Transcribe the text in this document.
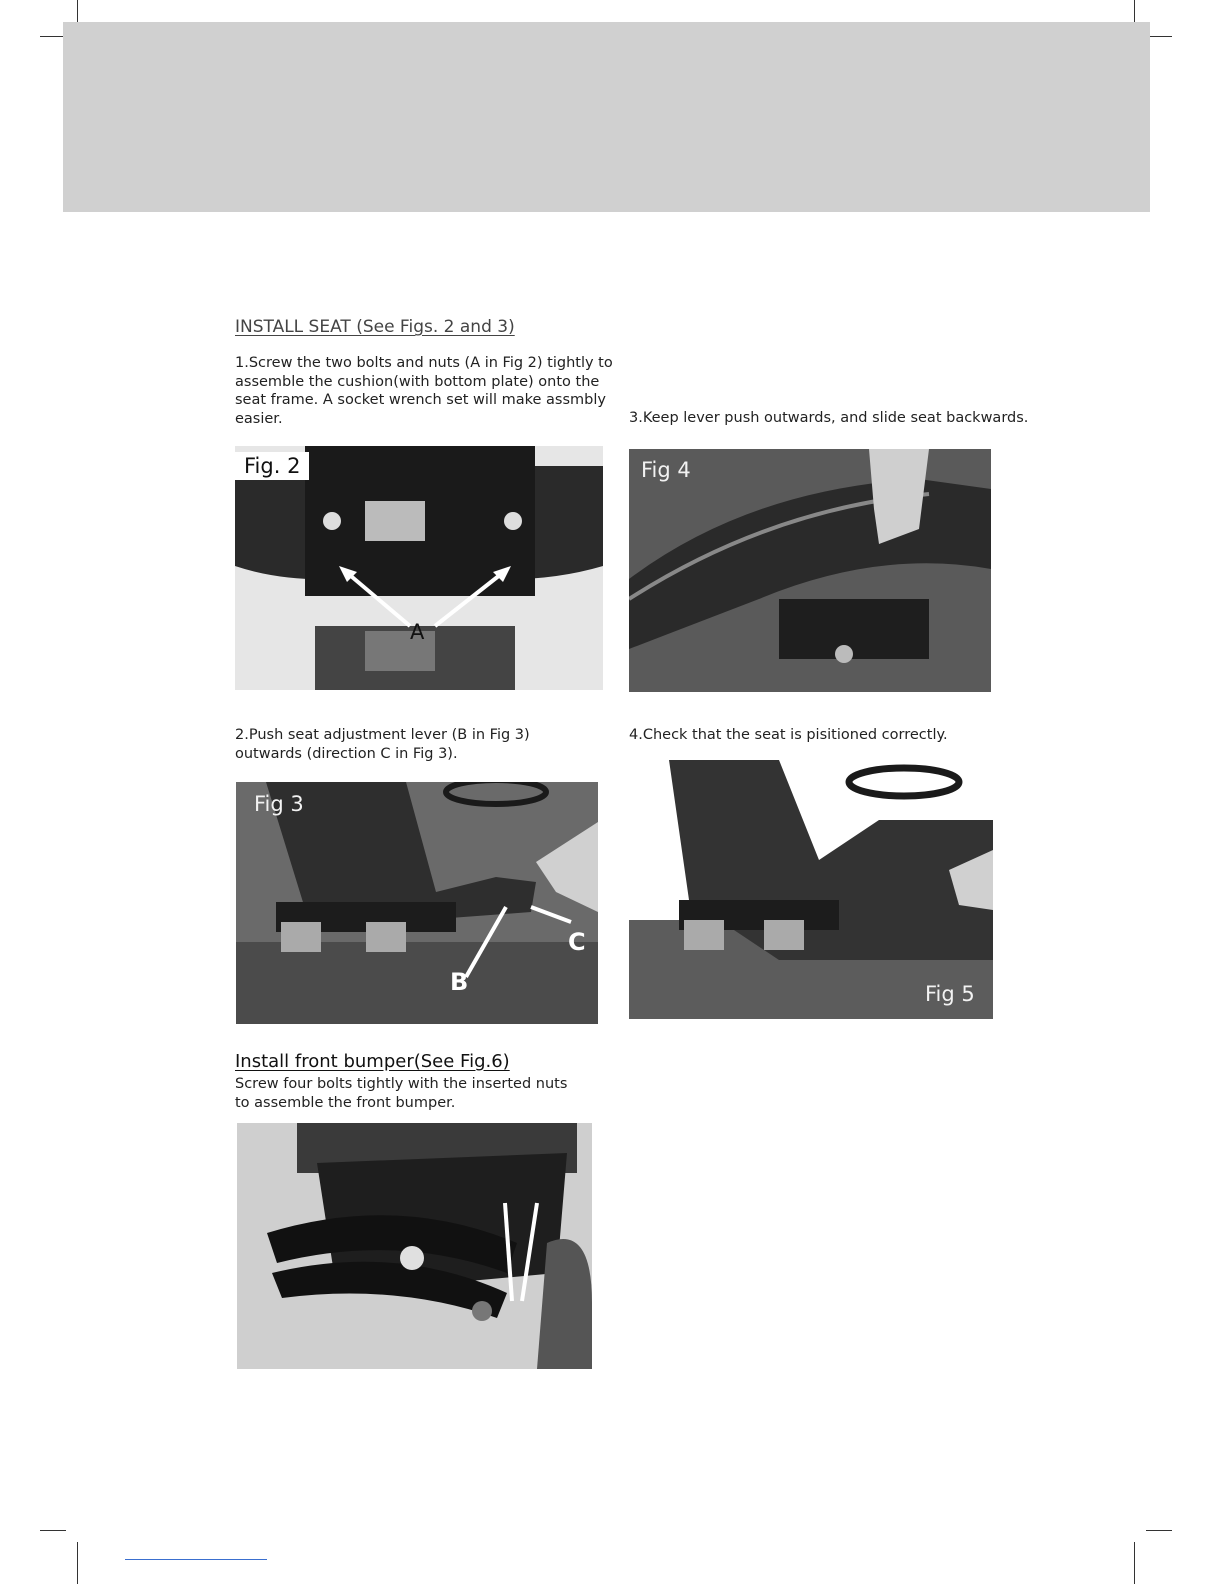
INSTALL SEAT (See Figs. 2 and 3)
1.Screw the two bolts and nuts (A in Fig 2) tightly to assemble the cushion(with bottom plate) onto the seat frame. A socket wrench set will make assmbly easier.	3.Keep lever push outwards, and slide seat backwards.
Fig. 2
A
Fig 4
2.Push seat adjustment lever (B in Fig 3) outwards (direction C in Fig 3).
4.Check that the seat is pisitioned correctly.
Fig 3
B
C
Fig 5
Install front bumper(See Fig.6)
Screw four bolts tightly with the inserted nuts to assemble the front bumper.
